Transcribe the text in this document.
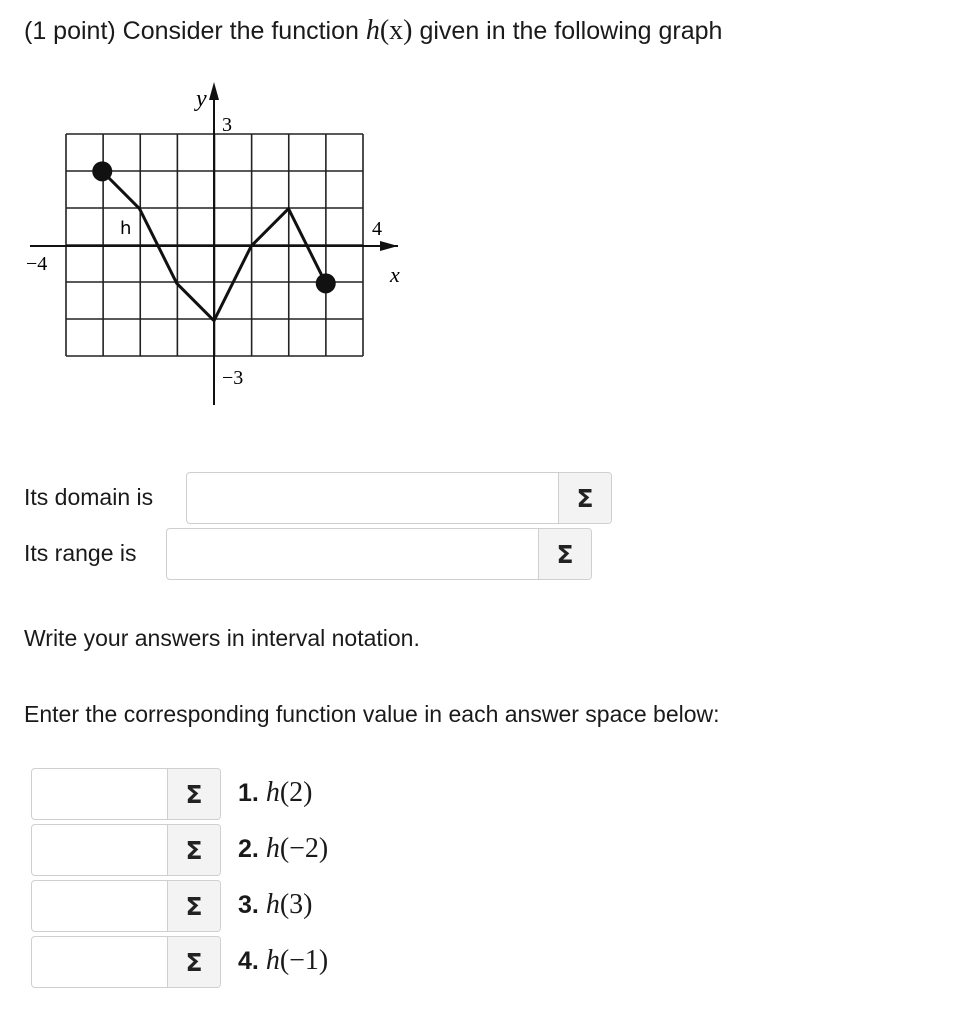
(1 point) Consider the function h(x) given in the following graph
y
x
3
−3
−4
4
h
Its domain is	Σ
Its range is	Σ
Write your answers in interval notation.
Enter the corresponding function value in each answer space below:
Σ	1. h(2)
Σ	2. h(−2)
Σ	3. h(3)
Σ	4. h(−1)
